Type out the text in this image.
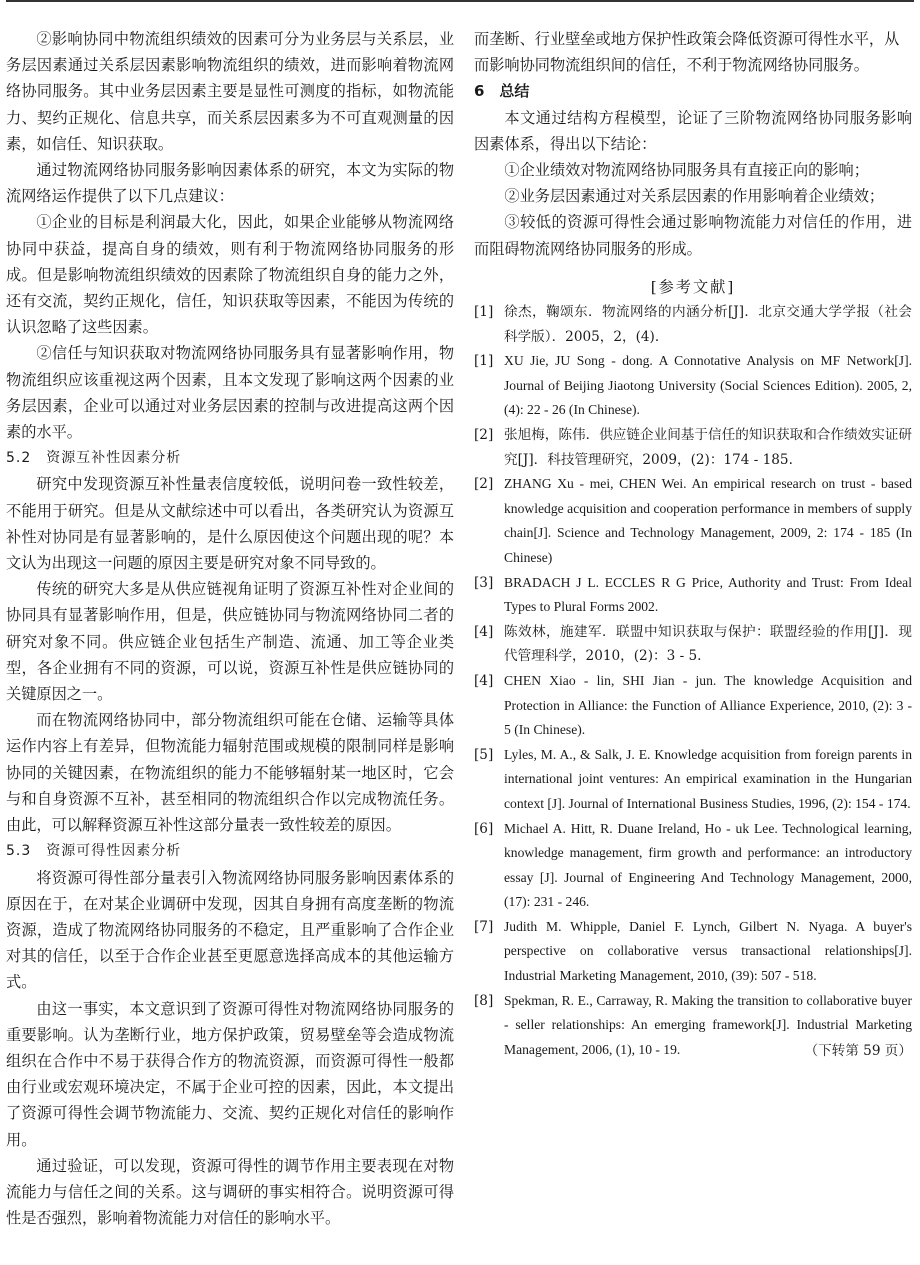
②影响协同中物流组织绩效的因素可分为业务层与关系层，业务层因素通过关系层因素影响物流组织的绩效，进而影响着物流网络协同服务。其中业务层因素主要是显性可测度的指标，如物流能力、契约正规化、信息共享，而关系层因素多为不可直观测量的因素，如信任、知识获取。
通过物流网络协同服务影响因素体系的研究，本文为实际的物流网络运作提供了以下几点建议：
①企业的目标是利润最大化，因此，如果企业能够从物流网络协同中获益，提高自身的绩效，则有利于物流网络协同服务的形成。但是影响物流组织绩效的因素除了物流组织自身的能力之外，还有交流，契约正规化，信任，知识获取等因素，不能因为传统的认识忽略了这些因素。
②信任与知识获取对物流网络协同服务具有显著影响作用，物物流组织应该重视这两个因素，且本文发现了影响这两个因素的业务层因素，企业可以通过对业务层因素的控制与改进提高这两个因素的水平。
5.2　资源互补性因素分析
研究中发现资源互补性量表信度较低，说明问卷一致性较差，不能用于研究。但是从文献综述中可以看出，各类研究认为资源互补性对协同是有显著影响的，是什么原因使这个问题出现的呢？本文认为出现这一问题的原因主要是研究对象不同导致的。
传统的研究大多是从供应链视角证明了资源互补性对企业间的协同具有显著影响作用，但是，供应链协同与物流网络协同二者的研究对象不同。供应链企业包括生产制造、流通、加工等企业类型，各企业拥有不同的资源，可以说，资源互补性是供应链协同的关键原因之一。
而在物流网络协同中，部分物流组织可能在仓储、运输等具体运作内容上有差异，但物流能力辐射范围或规模的限制同样是影响协同的关键因素，在物流组织的能力不能够辐射某一地区时，它会与和自身资源不互补，甚至相同的物流组织合作以完成物流任务。由此，可以解释资源互补性这部分量表一致性较差的原因。
5.3　资源可得性因素分析
将资源可得性部分量表引入物流网络协同服务影响因素体系的原因在于，在对某企业调研中发现，因其自身拥有高度垄断的物流资源，造成了物流网络协同服务的不稳定，且严重影响了合作企业对其的信任，以至于合作企业甚至更愿意选择高成本的其他运输方式。
由这一事实，本文意识到了资源可得性对物流网络协同服务的重要影响。认为垄断行业，地方保护政策，贸易壁垒等会造成物流组织在合作中不易于获得合作方的物流资源，而资源可得性一般都由行业或宏观环境决定，不属于企业可控的因素，因此，本文提出了资源可得性会调节物流能力、交流、契约正规化对信任的影响作用。
通过验证，可以发现，资源可得性的调节作用主要表现在对物流能力与信任之间的关系。这与调研的事实相符合。说明资源可得性是否强烈，影响着物流能力对信任的影响水平。
而垄断、行业壁垒或地方保护性政策会降低资源可得性水平，从而影响协同物流组织间的信任，不利于物流网络协同服务。
6　总结
本文通过结构方程模型，论证了三阶物流网络协同服务影响因素体系，得出以下结论：
①企业绩效对物流网络协同服务具有直接正向的影响；
②业务层因素通过对关系层因素的作用影响着企业绩效；
③较低的资源可得性会通过影响物流能力对信任的作用，进而阻碍物流网络协同服务的形成。
[参考文献]
[1] 徐杰，鞠颂东．物流网络的内涵分析[J]．北京交通大学学报（社会科学版）．2005，2，(4)．
[1] XU Jie, JU Song - dong. A Connotative Analysis on MF Network[J]. Journal of Beijing Jiaotong University (Social Sciences Edition). 2005, 2, (4): 22 - 26 (In Chinese).
[2] 张旭梅，陈伟．供应链企业间基于信任的知识获取和合作绩效实证研究[J]．科技管理研究，2009，(2)：174 - 185.
[2] ZHANG Xu - mei, CHEN Wei. An empirical research on trust - based knowledge acquisition and cooperation performance in members of supply chain[J]. Science and Technology Management, 2009, 2: 174 - 185 (In Chinese)
[3] BRADACH J L. ECCLES R G Price, Authority and Trust: From Ideal Types to Plural Forms 2002.
[4] 陈效林，施建军．联盟中知识获取与保护：联盟经验的作用[J]．现代管理科学，2010，(2)：3 - 5.
[4] CHEN Xiao - lin, SHI Jian - jun. The knowledge Acquisition and Protection in Alliance: the Function of Alliance Experience, 2010, (2): 3 - 5 (In Chinese).
[5] Lyles, M. A., & Salk, J. E. Knowledge acquisition from foreign parents in international joint ventures: An empirical examination in the Hungarian context [J]. Journal of International Business Studies, 1996, (2): 154 - 174.
[6] Michael A. Hitt, R. Duane Ireland, Ho - uk Lee. Technological learning, knowledge management, firm growth and performance: an introductory essay [J]. Journal of Engineering And Technology Management, 2000, (17): 231 - 246.
[7] Judith M. Whipple, Daniel F. Lynch, Gilbert N. Nyaga. A buyer's perspective on collaborative versus transactional relationships[J]. Industrial Marketing Management, 2010, (39): 507 - 518.
[8] Spekman, R. E., Carraway, R. Making the transition to collaborative buyer - seller relationships: An emerging framework[J]. Industrial Marketing Management, 2006, (1), 10 - 19.	（下转第 59 页）
